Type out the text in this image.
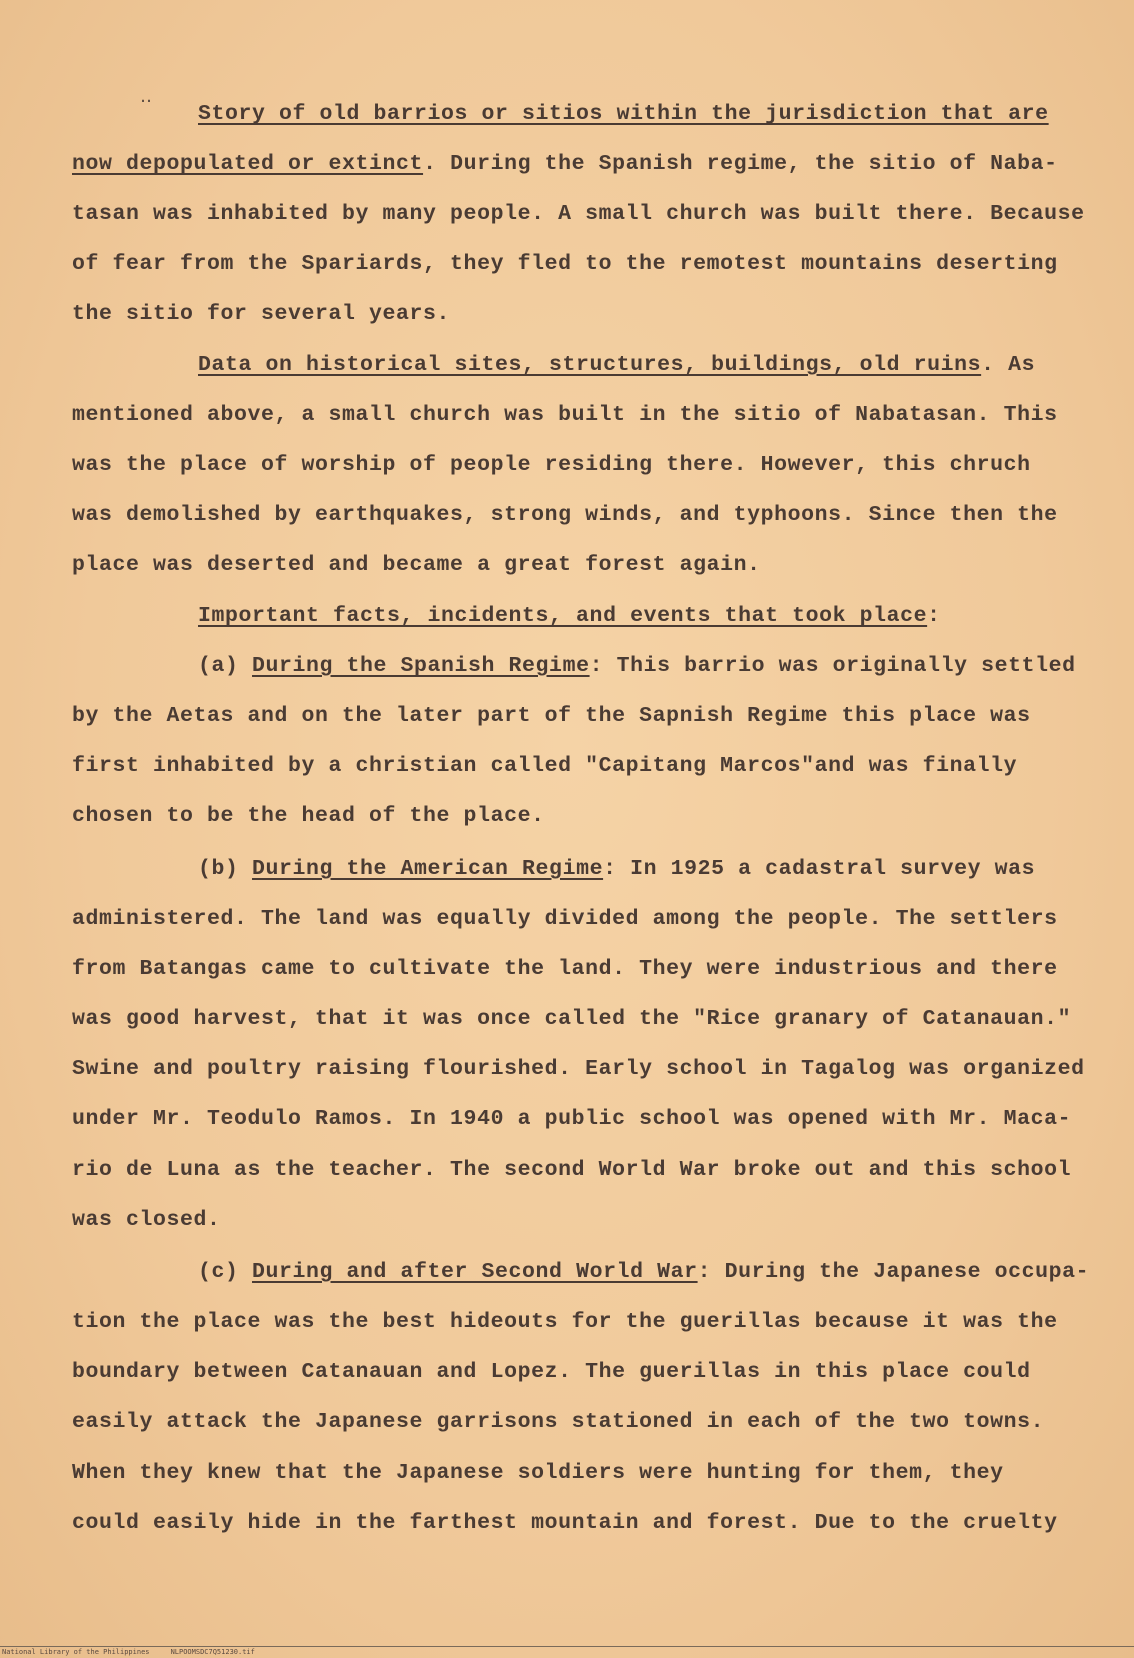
‥
Story of old barrios or sitios within the jurisdiction that are
now depopulated or extinct. During the Spanish regime, the sitio of Naba-
tasan was inhabited by many people. A small church was built there. Because
of fear from the Spariards, they fled to the remotest mountains deserting
the sitio for several years.
Data on historical sites, structures, buildings, old ruins. As
mentioned above, a small church was built in the sitio of Nabatasan. This
was the place of worship of people residing there. However, this chruch
was demolished by earthquakes, strong winds, and typhoons. Since then the
place was deserted and became a great forest again.
Important facts, incidents, and events that took place:
(a) During the Spanish Regime: This barrio was originally settled
by the Aetas and on the later part of the Sapnish Regime this place was
first inhabited by a christian called "Capitang Marcos"and was finally
chosen to be the head of the place.
(b) During the American Regime: In 1925 a cadastral survey was
administered. The land was equally divided among the people. The settlers
from Batangas came to cultivate the land. They were industrious and there
was good harvest, that it was once called the "Rice granary of Catanauan."
Swine and poultry raising flourished. Early school in Tagalog was organized
under Mr. Teodulo Ramos. In 1940 a public school was opened with Mr. Maca-
rio de Luna as the teacher. The second World War broke out and this school
was closed.
(c) During and after Second World War: During the Japanese occupa-
tion the place was the best hideouts for the guerillas because it was the
boundary between Catanauan and Lopez. The guerillas in this place could
easily attack the Japanese garrisons stationed in each of the two towns.
When they knew that the Japanese soldiers were hunting for them, they
could easily hide in the farthest mountain and forest. Due to the cruelty
National Library of the Philippines     NLPOOMSDC7Q51230.tif
